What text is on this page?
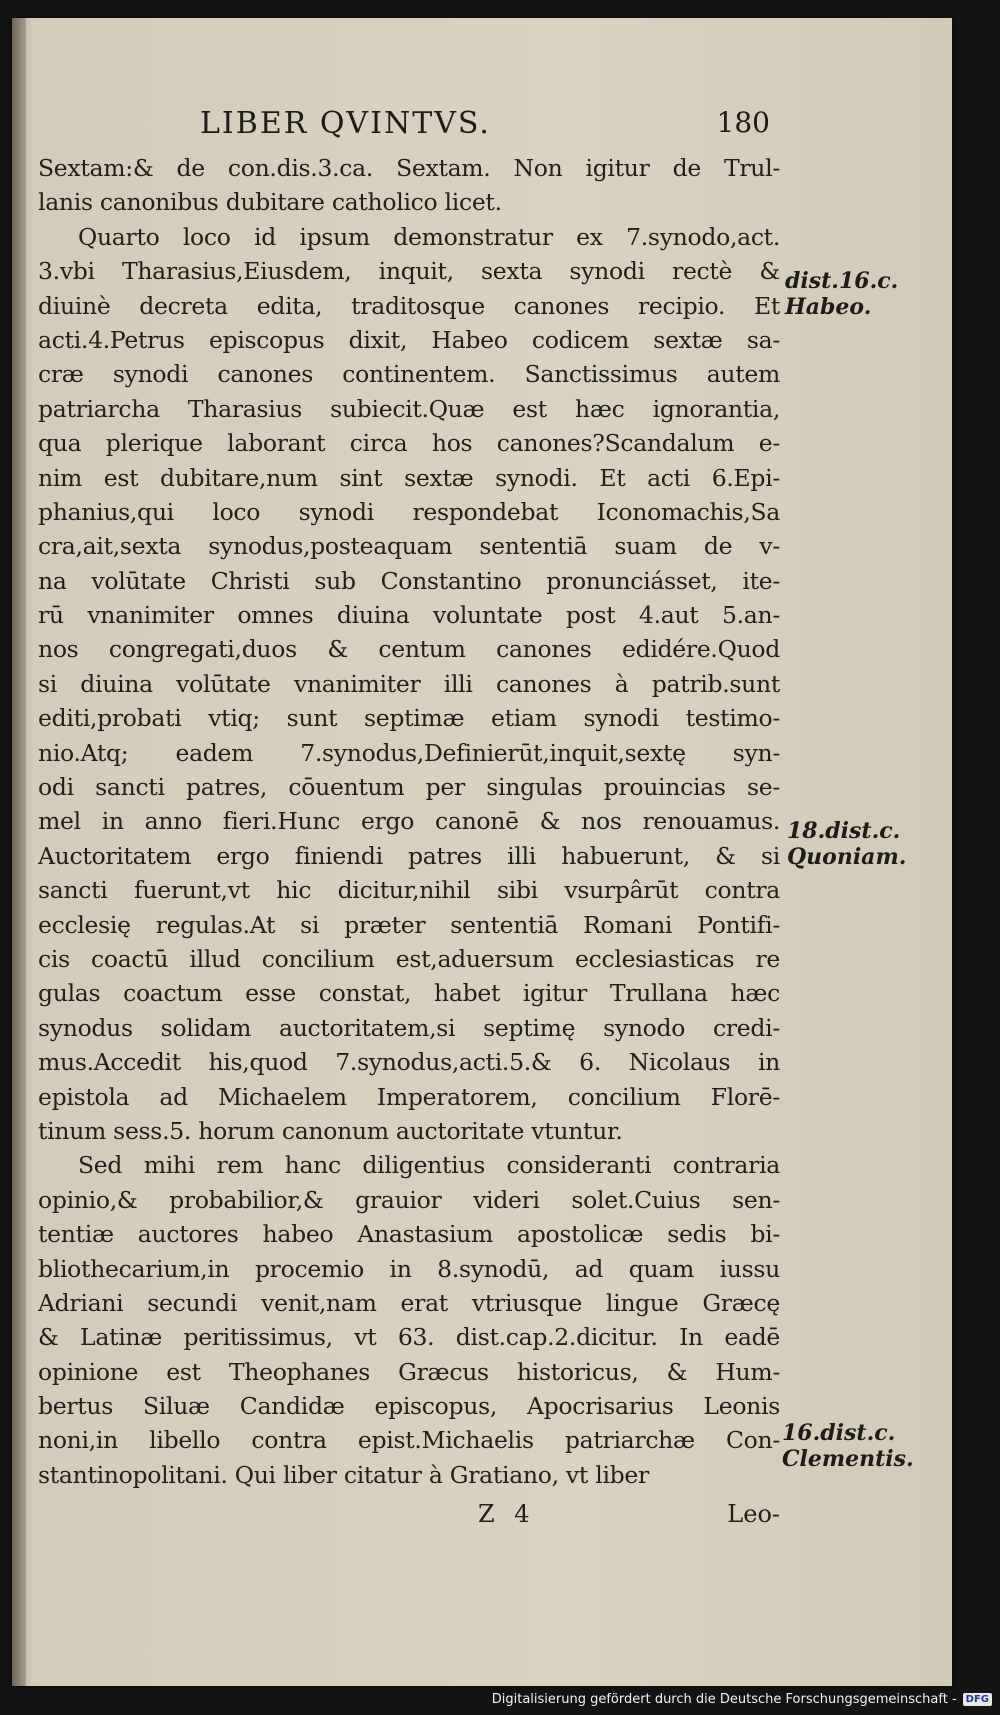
LIBER QVINTVS.	180
Sextam:& de con.dis.3.ca. Sextam. Non igitur de Trul-
lanis canonibus dubitare catholico licet.
Quarto loco id ipsum demonstratur ex 7.synodo,act.
3.vbi Tharasius,Eiusdem, inquit, sexta synodi rectè &
diuinè decreta edita, traditosque canones recipio. Et
acti.4.Petrus episcopus dixit, Habeo codicem sextæ sa-
cræ synodi canones continentem. Sanctissimus autem
patriarcha Tharasius subiecit.Quæ est hæc ignorantia,
qua plerique laborant circa hos canones?Scandalum e-
nim est dubitare,num sint sextæ synodi. Et acti 6.Epi-
phanius,qui loco synodi respondebat Iconomachis,Sa
cra,ait,sexta synodus,posteaquam sententiā suam de v-
na volūtate Christi sub Constantino pronunciásset, ite-
rū vnanimiter omnes diuina voluntate post 4.aut 5.an-
nos congregati,duos & centum canones edidére.Quod
si diuina volūtate vnanimiter illi canones à patrib.sunt
editi,probati vtiq; sunt septimæ etiam synodi testimo-
nio.Atq; eadem 7.synodus,Definierūt,inquit,sextę syn-
odi sancti patres, cōuentum per singulas prouincias se-
mel in anno fieri.Hunc ergo canonē & nos renouamus.
Auctoritatem ergo finiendi patres illi habuerunt, & si
sancti fuerunt,vt hic dicitur,nihil sibi vsurpârūt contra
ecclesię regulas.At si præter sententiā Romani Pontifi-
cis coactū illud concilium est,aduersum ecclesiasticas re
gulas coactum esse constat, habet igitur Trullana hæc
synodus solidam auctoritatem,si septimę synodo credi-
mus.Accedit his,quod 7.synodus,acti.5.& 6. Nicolaus in
epistola ad Michaelem Imperatorem, concilium Florē-
tinum sess.5. horum canonum auctoritate vtuntur.
Sed mihi rem hanc diligentius consideranti contraria
opinio,& probabilior,& grauior videri solet.Cuius sen-
tentiæ auctores habeo Anastasium apostolicæ sedis bi-
bliothecarium,in procemio in 8.synodū, ad quam iussu
Adriani secundi venit,nam erat vtriusque lingue Græcę
& Latinæ peritissimus, vt 63. dist.cap.2.dicitur. In eadē
opinione est Theophanes Græcus historicus, & Hum-
bertus Siluæ Candidæ episcopus, Apocrisarius Leonis
noni,in libello contra epist.Michaelis patriarchæ Con-
stantinopolitani. Qui liber citatur à Gratiano, vt liber
dist.16.c.
Habeo.
18.dist.c.
Quoniam.
16.dist.c.
Clementis.
Z 4	Leo-
Digitalisierung gefördert durch die Deutsche Forschungsgemeinschaft - DFG
